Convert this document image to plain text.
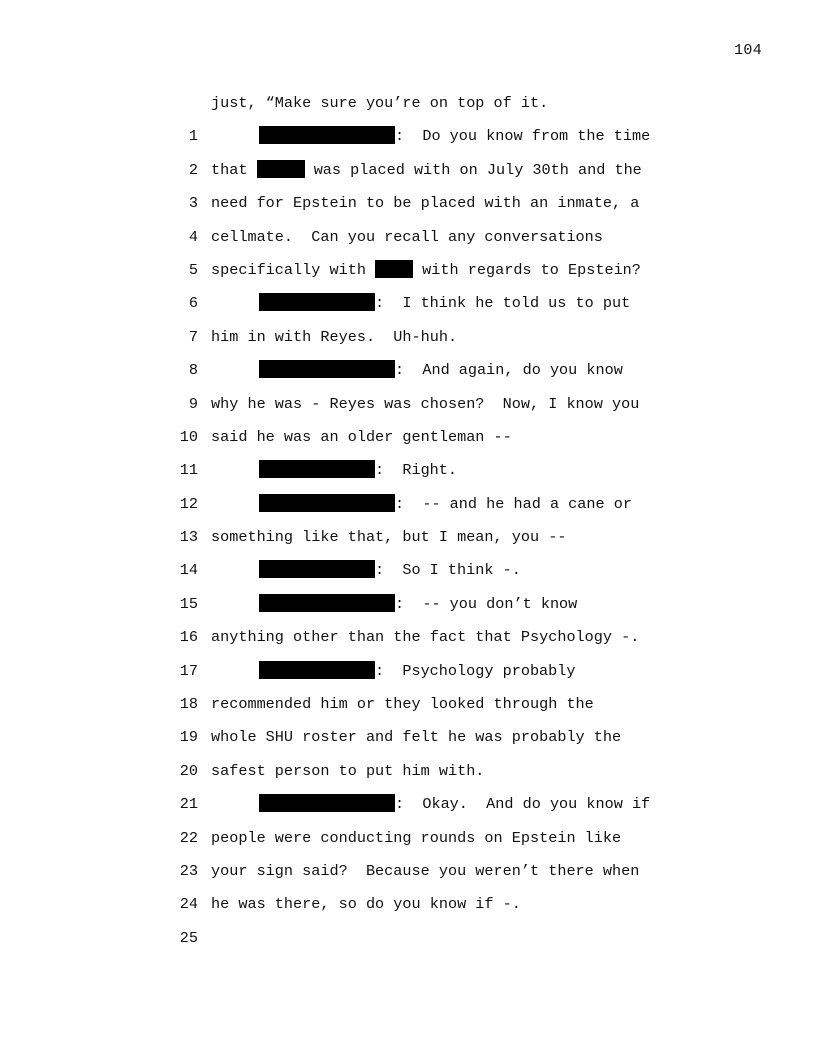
104

1

just, “Make sure you’re on top of it.

2

:  Do you know from the time

3

that	was placed with on July 30th and the

4

need for Epstein to be placed with an inmate, a

5

cellmate.  Can you recall any conversations

6

specifically with	with regards to Epstein?

7

:  I think he told us to put

8

him in with Reyes.  Uh-huh.

9

:  And again, do you know

10

why he was - Reyes was chosen?  Now, I know you

11

said he was an older gentleman --

12

:  Right.

13

:  -- and he had a cane or

14

something like that, but I mean, you --

15

:  So I think -.

16

:  -- you don’t know

17

anything other than the fact that Psychology -.

18

:  Psychology probably

19

recommended him or they looked through the

20

whole SHU roster and felt he was probably the

21

safest person to put him with.

22

:  Okay.  And do you know if

23

people were conducting rounds on Epstein like

24

your sign said?  Because you weren’t there when

25

he was there, so do you know if -.
